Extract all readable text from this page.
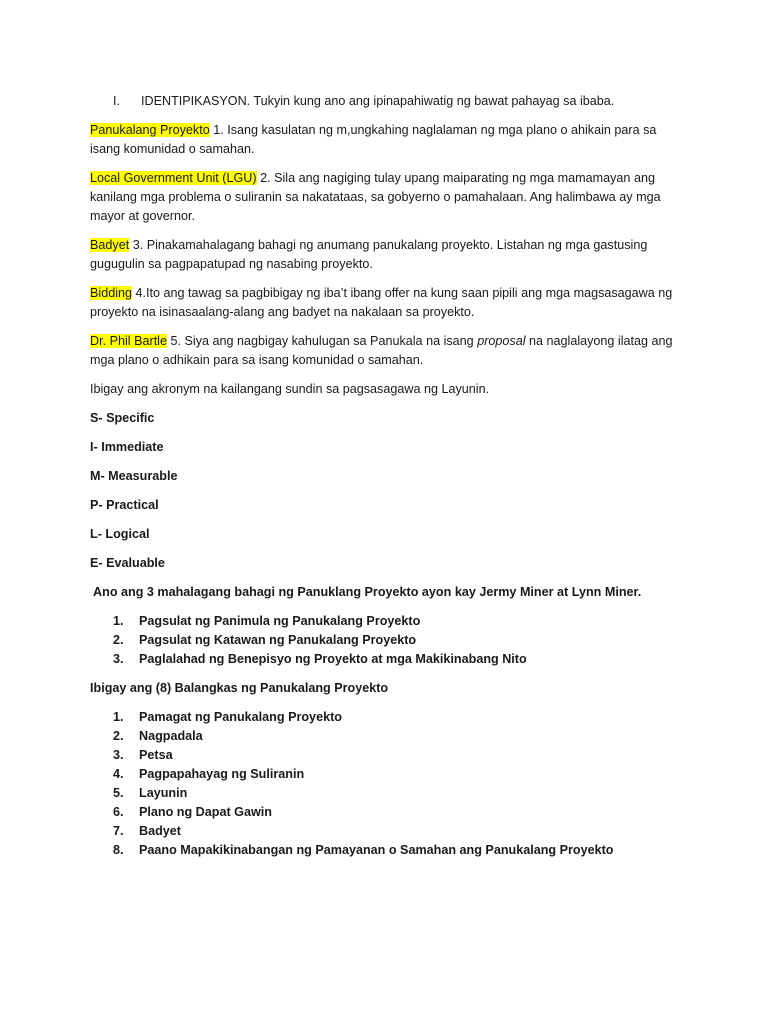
I. IDENTIPIKASYON. Tukyin kung ano ang ipinapahiwatig ng bawat pahayag sa ibaba.

Panukalang Proyekto 1. Isang kasulatan ng m,ungkahing naglalaman ng mga plano o ahikain para sa isang komunidad o samahan.

Local Government Unit (LGU) 2. Sila ang nagiging tulay upang maiparating ng mga mamamayan ang kanilang mga problema o suliranin sa nakatataas, sa gobyerno o pamahalaan. Ang halimbawa ay mga mayor at governor.

Badyet 3. Pinakamahalagang bahagi ng anumang panukalang proyekto. Listahan ng mga gastusing gugugulin sa pagpapatupad ng nasabing proyekto.

Bidding 4.Ito ang tawag sa pagbibigay ng iba’t ibang offer na kung saan pipili ang mga magsasagawa ng proyekto na isinasaalang-alang ang badyet na nakalaan sa proyekto.

Dr. Phil Bartle 5. Siya ang nagbigay kahulugan sa Panukala na isang proposal na naglalayong ilatag ang mga plano o adhikain para sa isang komunidad o samahan.

Ibigay ang akronym na kailangang sundin sa pagsasagawa ng Layunin.

S- Specific

I- Immediate

M- Measurable

P- Practical

L- Logical

E- Evaluable

Ano ang 3 mahalagang bahagi ng Panuklang Proyekto ayon kay Jermy Miner at Lynn Miner.

1.	Pagsulat ng Panimula ng Panukalang Proyekto
2.	Pagsulat ng Katawan ng Panukalang Proyekto
3.	Paglalahad ng Benepisyo ng Proyekto at mga Makikinabang Nito

Ibigay ang (8) Balangkas ng Panukalang Proyekto

1.	Pamagat ng Panukalang Proyekto
2.	Nagpadala
3.	Petsa
4.	Pagpapahayag ng Suliranin
5.	Layunin
6.	Plano ng Dapat Gawin
7.	Badyet
8.	Paano Mapakikinabangan ng Pamayanan o Samahan ang Panukalang Proyekto
